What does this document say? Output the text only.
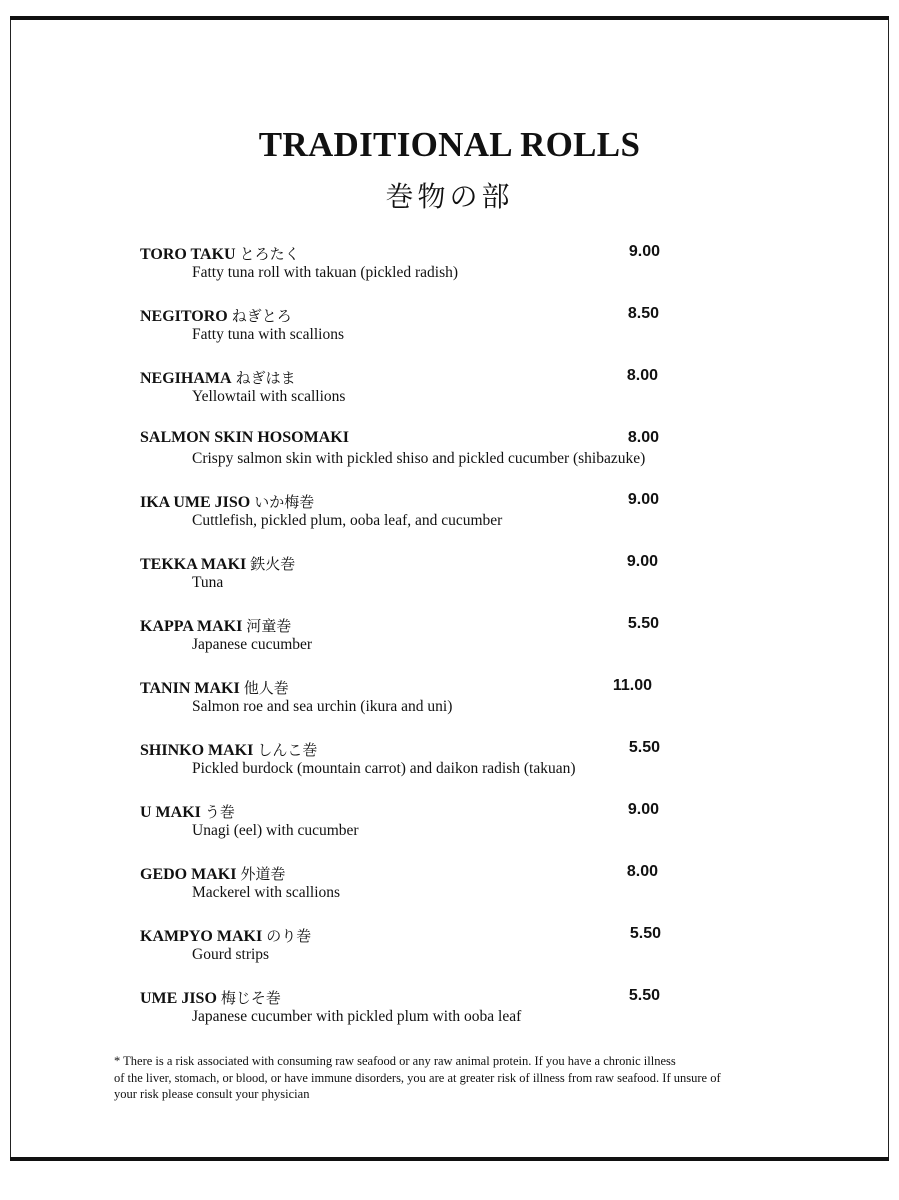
TRADITIONAL ROLLS
巻物の部
TORO TAKU とろたく
Fatty tuna roll with takuan (pickled radish)
9.00
NEGITORO ねぎとろ
Fatty tuna with scallions
8.50
NEGIHAMA ねぎはま
Yellowtail with scallions
8.00
SALMON SKIN HOSOMAKI
Crispy salmon skin with pickled shiso and pickled cucumber (shibazuke)
8.00
IKA UME JISO いか梅巻
Cuttlefish, pickled plum, ooba leaf, and cucumber
9.00
TEKKA MAKI 鉄火巻
Tuna
9.00
KAPPA MAKI 河童巻
Japanese cucumber
5.50
TANIN MAKI 他人巻
Salmon roe and sea urchin (ikura and uni)
11.00
SHINKO MAKI しんこ巻
Pickled burdock (mountain carrot) and daikon radish (takuan)
5.50
U MAKI う巻
Unagi (eel) with cucumber
9.00
GEDO MAKI 外道巻
Mackerel with scallions
8.00
KAMPYO MAKI のり巻
Gourd strips
5.50
UME JISO 梅じそ巻
Japanese cucumber with pickled plum with ooba leaf
5.50
* There is a risk associated with consuming raw seafood or any raw animal protein. If you have a chronic illness
of the liver, stomach, or blood, or have immune disorders, you are at greater risk of illness from raw seafood. If unsure of
your risk please consult your physician
